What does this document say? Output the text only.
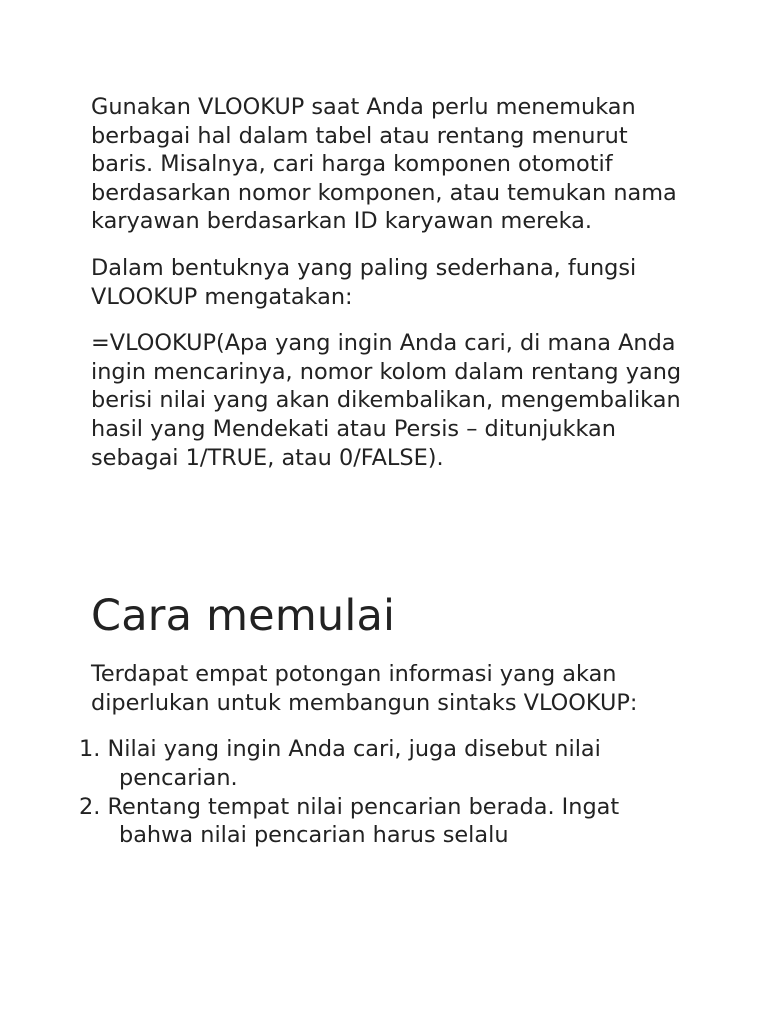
Gunakan VLOOKUP saat Anda perlu menemukan berbagai hal dalam tabel atau rentang menurut baris. Misalnya, cari harga komponen otomotif berdasarkan nomor komponen, atau temukan nama karyawan berdasarkan ID karyawan mereka.

Dalam bentuknya yang paling sederhana, fungsi VLOOKUP mengatakan:

=VLOOKUP(Apa yang ingin Anda cari, di mana Anda ingin mencarinya, nomor kolom dalam rentang yang berisi nilai yang akan dikembalikan, mengembalikan hasil yang Mendekati atau Persis – ditunjukkan sebagai 1/TRUE, atau 0/FALSE).

Cara memulai

Terdapat empat potongan informasi yang akan diperlukan untuk membangun sintaks VLOOKUP:

1. Nilai yang ingin Anda cari, juga disebut nilai pencarian.
2. Rentang tempat nilai pencarian berada. Ingat bahwa nilai pencarian harus selalu
